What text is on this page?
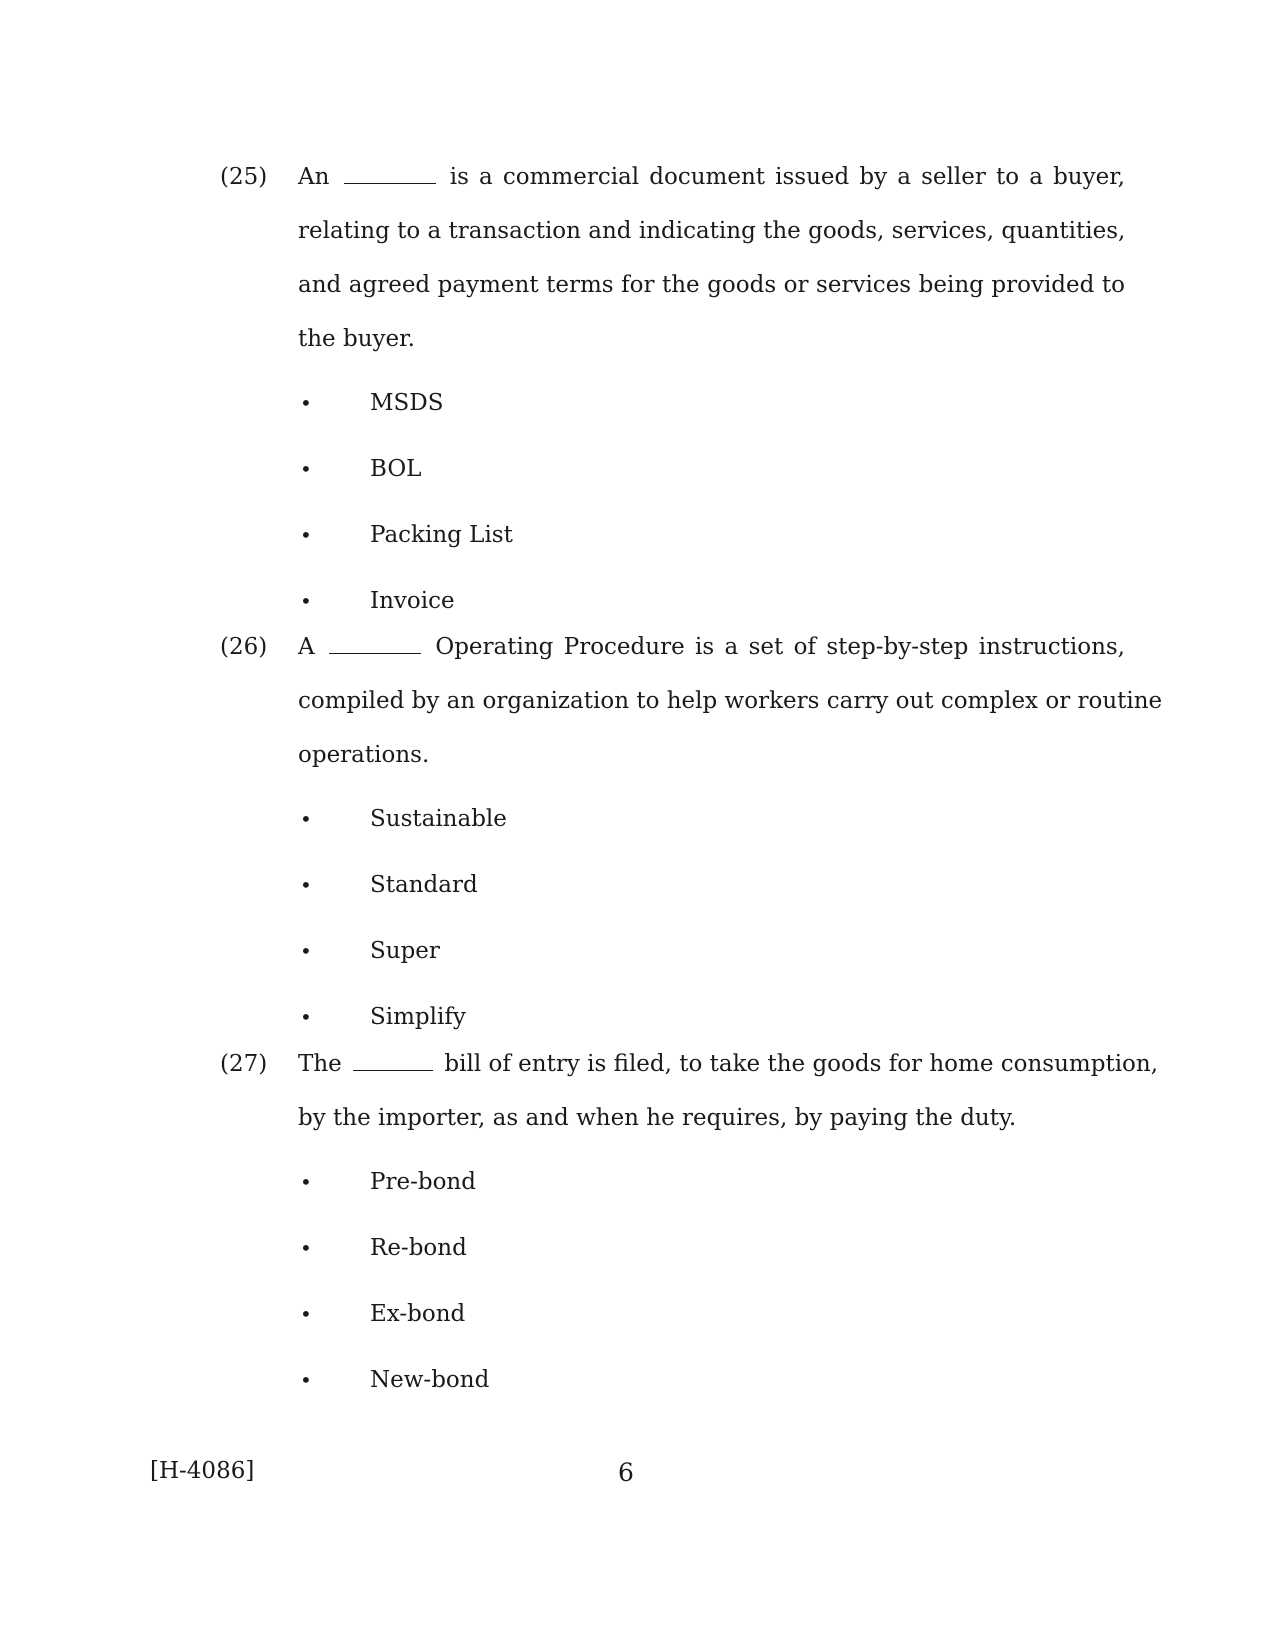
(25) An	is a commercial document issued by a seller to a buyer,
relating to a transaction and indicating the goods, services, quantities,
and agreed payment terms for the goods or services being provided to
the buyer.
•	MSDS
•	BOL
•	Packing List
•	Invoice
(26) A	Operating Procedure is a set of step-by-step instructions,
compiled by an organization to help workers carry out complex or routine
operations.
•	Sustainable
•	Standard
•	Super
•	Simplify
(27) The	bill of entry is filed, to take the goods for home consumption,
by the importer, as and when he requires, by paying the duty.
•	Pre-bond
•	Re-bond
•	Ex-bond
•	New-bond
[H-4086]	6
